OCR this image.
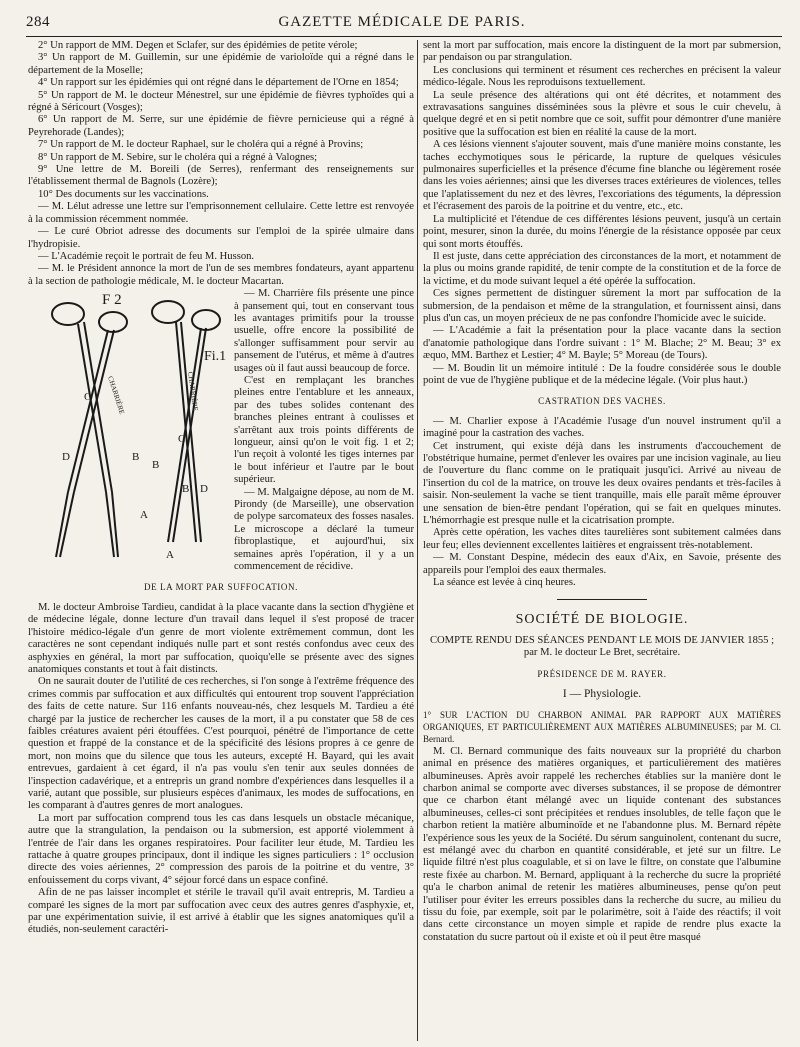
284	GAZETTE MÉDICALE DE PARIS.

2° Un rapport de MM. Degen et Sclafer, sur des épidémies de petite vérole;

3° Un rapport de M. Guillemin, sur une épidémie de varioloïde qui a régné dans le département de la Moselle;

4° Un rapport sur les épidémies qui ont régné dans le département de l'Orne en 1854;

5° Un rapport de M. le docteur Ménestrel, sur une épidémie de fièvres typhoïdes qui a régné à Séricourt (Vosges);

6° Un rapport de M. Serre, sur une épidémie de fièvre pernicieuse qui a régné à Peyrehorade (Landes);

7° Un rapport de M. le docteur Raphael, sur le choléra qui a régné à Provins;

8° Un rapport de M. Sebire, sur le choléra qui a régné à Valognes;

9° Une lettre de M. Boreili (de Serres), renfermant des renseignements sur l'établissement thermal de Bagnols (Lozère);

10° Des documents sur les vaccinations.

— M. Lélut adresse une lettre sur l'emprisonnement cellulaire. Cette lettre est renvoyée à la commission récemment nommée.

— Le curé Obriot adresse des documents sur l'emploi de la spirée ulmaire dans l'hydropisie.

— L'Académie reçoit le portrait de feu M. Husson.

— M. le Président annonce la mort de l'un de ses membres fondateurs, ayant appartenu à la section de pathologie médicale, M. le docteur Macartan.

F 2
Fi.1
C
D	B
B
C
D
B
A
A
CHARRIÈRE	CHARRIÈRE

— M. Charrière fils présente une pince à pansement qui, tout en conservant tous les avantages primitifs pour la trousse usuelle, offre encore la possibilité de s'allonger suffisamment pour servir au pansement de l'utérus, et même à d'autres usages où il faut aussi beaucoup de force.

C'est en remplaçant les branches pleines entre l'entablure et les anneaux, par des tubes solides contenant des branches pleines entrant à coulisses et s'arrêtant aux trois points différents de longueur, ainsi qu'on le voit fig. 1 et 2; l'un reçoit à volonté les tiges internes par le bout inférieur et l'autre par le bout supérieur.

— M. Malgaigne dépose, au nom de M. Pirondy (de Marseille), une observation de polype sarcomateux des fosses nasales. Le microscope a déclaré la tumeur fibroplastique, et aujourd'hui, six semaines après l'opération, il y a un commencement de récidive.

DE LA MORT PAR SUFFOCATION.

M. le docteur Ambroise Tardieu, candidat à la place vacante dans la section d'hygiène et de médecine légale, donne lecture d'un travail dans lequel il s'est proposé de tracer l'histoire médico-légale d'un genre de mort violente extrêmement commun, dont les caractères ne sont cependant indiqués nulle part et sont restés confondus avec ceux des asphyxies en général, la mort par suffocation, quoiqu'elle se présente avec des signes anatomiques constants et tout à fait distincts.

On ne saurait douter de l'utilité de ces recherches, si l'on songe à l'extrême fréquence des crimes commis par suffocation et aux difficultés qui entourent trop souvent l'appréciation des faits de cette nature. Sur 116 enfants nouveau-nés, chez lesquels M. Tardieu a été chargé par la justice de rechercher les causes de la mort, il a pu constater que 58 de ces faibles créatures avaient péri étouffées. C'est pourquoi, pénétré de l'importance de cette question et frappé de la constance et de la spécificité des lésions propres à ce genre de mort, non moins que du silence que tous les auteurs, excepté H. Bayard, qui les avait entrevues, gardaient à cet égard, il n'a pas voulu s'en tenir aux seules données de l'inspection cadavérique, et a entrepris un grand nombre d'expériences dans lesquelles il a varié, autant que possible, sur plusieurs espèces d'animaux, les modes de suffocations, en les comparant à d'autres genres de mort analogues.

La mort par suffocation comprend tous les cas dans lesquels un obstacle mécanique, autre que la strangulation, la pendaison ou la submersion, est apporté violemment à l'entrée de l'air dans les organes respiratoires. Pour faciliter leur étude, M. Tardieu les rattache à quatre groupes principaux, dont il indique les signes particuliers : 1° occlusion directe des voies aériennes, 2° compression des parois de la poitrine et du ventre, 3° enfouissement du corps vivant, 4° séjour forcé dans un espace confiné.

Afin de ne pas laisser incomplet et stérile le travail qu'il avait entrepris, M. Tardieu a comparé les signes de la mort par suffocation avec ceux des autres genres d'asphyxie, et, par une expérimentation suivie, il est arrivé à établir que les signes anatomiques qu'il a étudiés, non-seulement caractéri-

sent la mort par suffocation, mais encore la distinguent de la mort par submersion, par pendaison ou par strangulation.

Les conclusions qui terminent et résument ces recherches en précisent la valeur médico-légale. Nous les reproduisons textuellement.

La seule présence des altérations qui ont été décrites, et notamment des extravasations sanguines disséminées sous la plèvre et sous le cuir chevelu, à quelque degré et en si petit nombre que ce soit, suffit pour démontrer d'une manière positive que la suffocation est bien en réalité la cause de la mort.

A ces lésions viennent s'ajouter souvent, mais d'une manière moins constante, les taches ecchymotiques sous le péricarde, la rupture de quelques vésicules pulmonaires superficielles et la présence d'écume fine blanche ou légèrement rosée dans les voies aériennes; ainsi que les diverses traces extérieures de violences, telles que l'aplatissement du nez et des lèvres, l'excoriations des téguments, la dépression et l'écrasement des parois de la poitrine et du ventre, etc., etc.

La multiplicité et l'étendue de ces différentes lésions peuvent, jusqu'à un certain point, mesurer, sinon la durée, du moins l'énergie de la résistance opposée par ceux qui sont morts étouffés.

Il est juste, dans cette appréciation des circonstances de la mort, et notamment de la plus ou moins grande rapidité, de tenir compte de la constitution et de la force de la victime, et du mode suivant lequel a été opérée la suffocation.

Ces signes permettent de distinguer sûrement la mort par suffocation de la submersion, de la pendaison et même de la strangulation, et fournissent ainsi, dans plus d'un cas, un moyen précieux de ne pas confondre l'homicide avec le suicide.

— L'Académie a fait la présentation pour la place vacante dans la section d'anatomie pathologique dans l'ordre suivant : 1° M. Blache; 2° M. Beau; 3° ex æquo, MM. Barthez et Lestier; 4° M. Bayle; 5° Moreau (de Tours).

— M. Boudin lit un mémoire intitulé : De la foudre considérée sous le double point de vue de l'hygiène publique et de la médecine légale. (Voir plus haut.)

CASTRATION DES VACHES.

— M. Charlier expose à l'Académie l'usage d'un nouvel instrument qu'il a imaginé pour la castration des vaches.

Cet instrument, qui existe déjà dans les instruments d'accouchement de l'obstétrique humaine, permet d'enlever les ovaires par une incision vaginale, au lieu de l'ouverture du flanc comme on le pratiquait jusqu'ici. Arrivé au niveau de l'insertion du col de la matrice, on trouve les deux ovaires pendants et très-faciles à saisir. Non-seulement la vache se tient tranquille, mais elle paraît même éprouver une sensation de bien-être pendant l'opération, qui se fait en quelques minutes. L'hémorrhagie est presque nulle et la cicatrisation prompte.

Après cette opération, les vaches dites taurelières sont subitement calmées dans leur feu; elles deviennent excellentes laitières et engraissent très-notablement.

— M. Constant Despine, médecin des eaux d'Aix, en Savoie, présente des appareils pour l'emploi des eaux thermales.

La séance est levée à cinq heures.

SOCIÉTÉ DE BIOLOGIE.

COMPTE RENDU DES SÉANCES PENDANT LE MOIS DE JANVIER 1855 ; par M. le docteur Le Bret, secrétaire.

PRÉSIDENCE DE M. RAYER.

I — Physiologie.

1° SUR L'ACTION DU CHARBON ANIMAL PAR RAPPORT AUX MATIÈRES ORGANIQUES, ET PARTICULIÈREMENT AUX MATIÈRES ALBUMINEUSES; par M. Cl. Bernard.

M. Cl. Bernard communique des faits nouveaux sur la propriété du charbon animal en présence des matières organiques, et particulièrement des matières albumineuses. Après avoir rappelé les recherches établies sur la manière dont le charbon animal se comporte avec diverses substances, il se propose de démontrer que ce charbon étant mélangé avec un liquide contenant des substances albumineuses, celles-ci sont précipitées et rendues insolubles, de telle façon que le charbon retient la matière albuminoïde et ne l'abandonne plus. M. Bernard répète l'expérience sous les yeux de la Société. Du sérum sanguinolent, contenant du sucre, est mélangé avec du charbon en quantité considérable, et jeté sur un filtre. Le liquide filtré n'est plus coagulable, et si on lave le filtre, on constate que l'albumine reste fixée au charbon. M. Bernard, appliquant à la recherche du sucre la propriété qu'a le charbon animal de retenir les matières albumineuses, pense qu'on peut l'utiliser pour éviter les erreurs possibles dans la recherche du sucre, au milieu du tissu du foie, par exemple, soit par le polarimètre, soit à l'aide des réactifs; il voit dans cette circonstance un moyen simple et rapide de rendre plus exacte la constatation du sucre partout où il existe et où il peut être masqué
